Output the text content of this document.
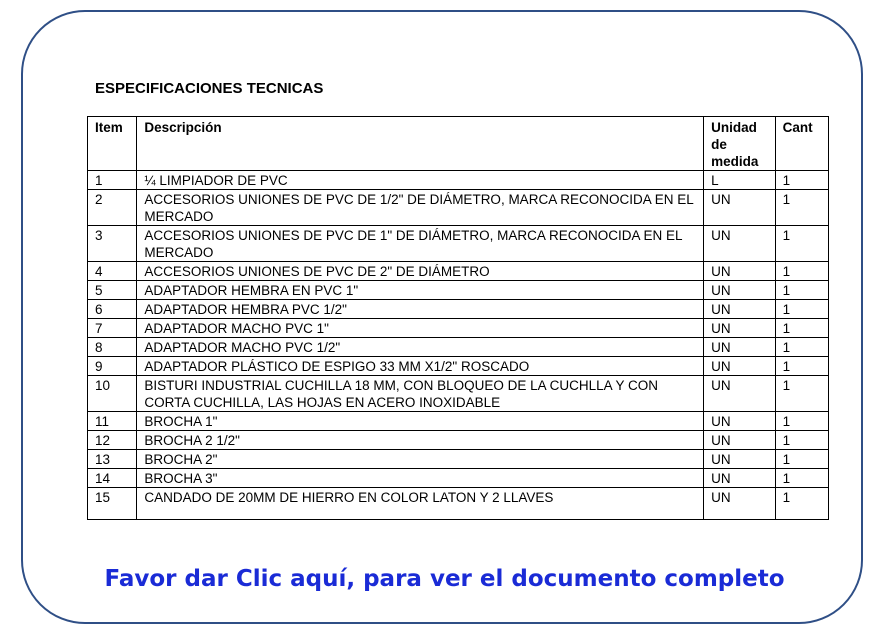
ESPECIFICACIONES TECNICAS
Item	Descripción	Unidad de medida	Cant
1	¼ LIMPIADOR DE PVC	L	1
2	ACCESORIOS UNIONES DE PVC DE 1/2" DE DIÁMETRO, MARCA RECONOCIDA EN EL MERCADO	UN	1
3	ACCESORIOS UNIONES DE PVC DE 1" DE DIÁMETRO, MARCA RECONOCIDA EN EL MERCADO	UN	1
4	ACCESORIOS UNIONES DE PVC DE 2" DE DIÁMETRO	UN	1
5	ADAPTADOR HEMBRA EN PVC 1"	UN	1
6	ADAPTADOR HEMBRA PVC 1/2"	UN	1
7	ADAPTADOR MACHO PVC 1"	UN	1
8	ADAPTADOR MACHO PVC 1/2"	UN	1
9	ADAPTADOR PLÁSTICO DE ESPIGO 33 MM X1/2" ROSCADO	UN	1
10	BISTURI INDUSTRIAL CUCHILLA 18 MM, CON BLOQUEO DE LA CUCHLLA Y CON CORTA CUCHILLA, LAS HOJAS EN ACERO INOXIDABLE	UN	1
11	BROCHA 1"	UN	1
12	BROCHA 2 1/2"	UN	1
13	BROCHA 2"	UN	1
14	BROCHA 3"	UN	1
15	CANDADO DE 20MM DE HIERRO EN COLOR LATON Y 2 LLAVES	UN	1
Favor dar Clic aquí, para ver el documento completo
